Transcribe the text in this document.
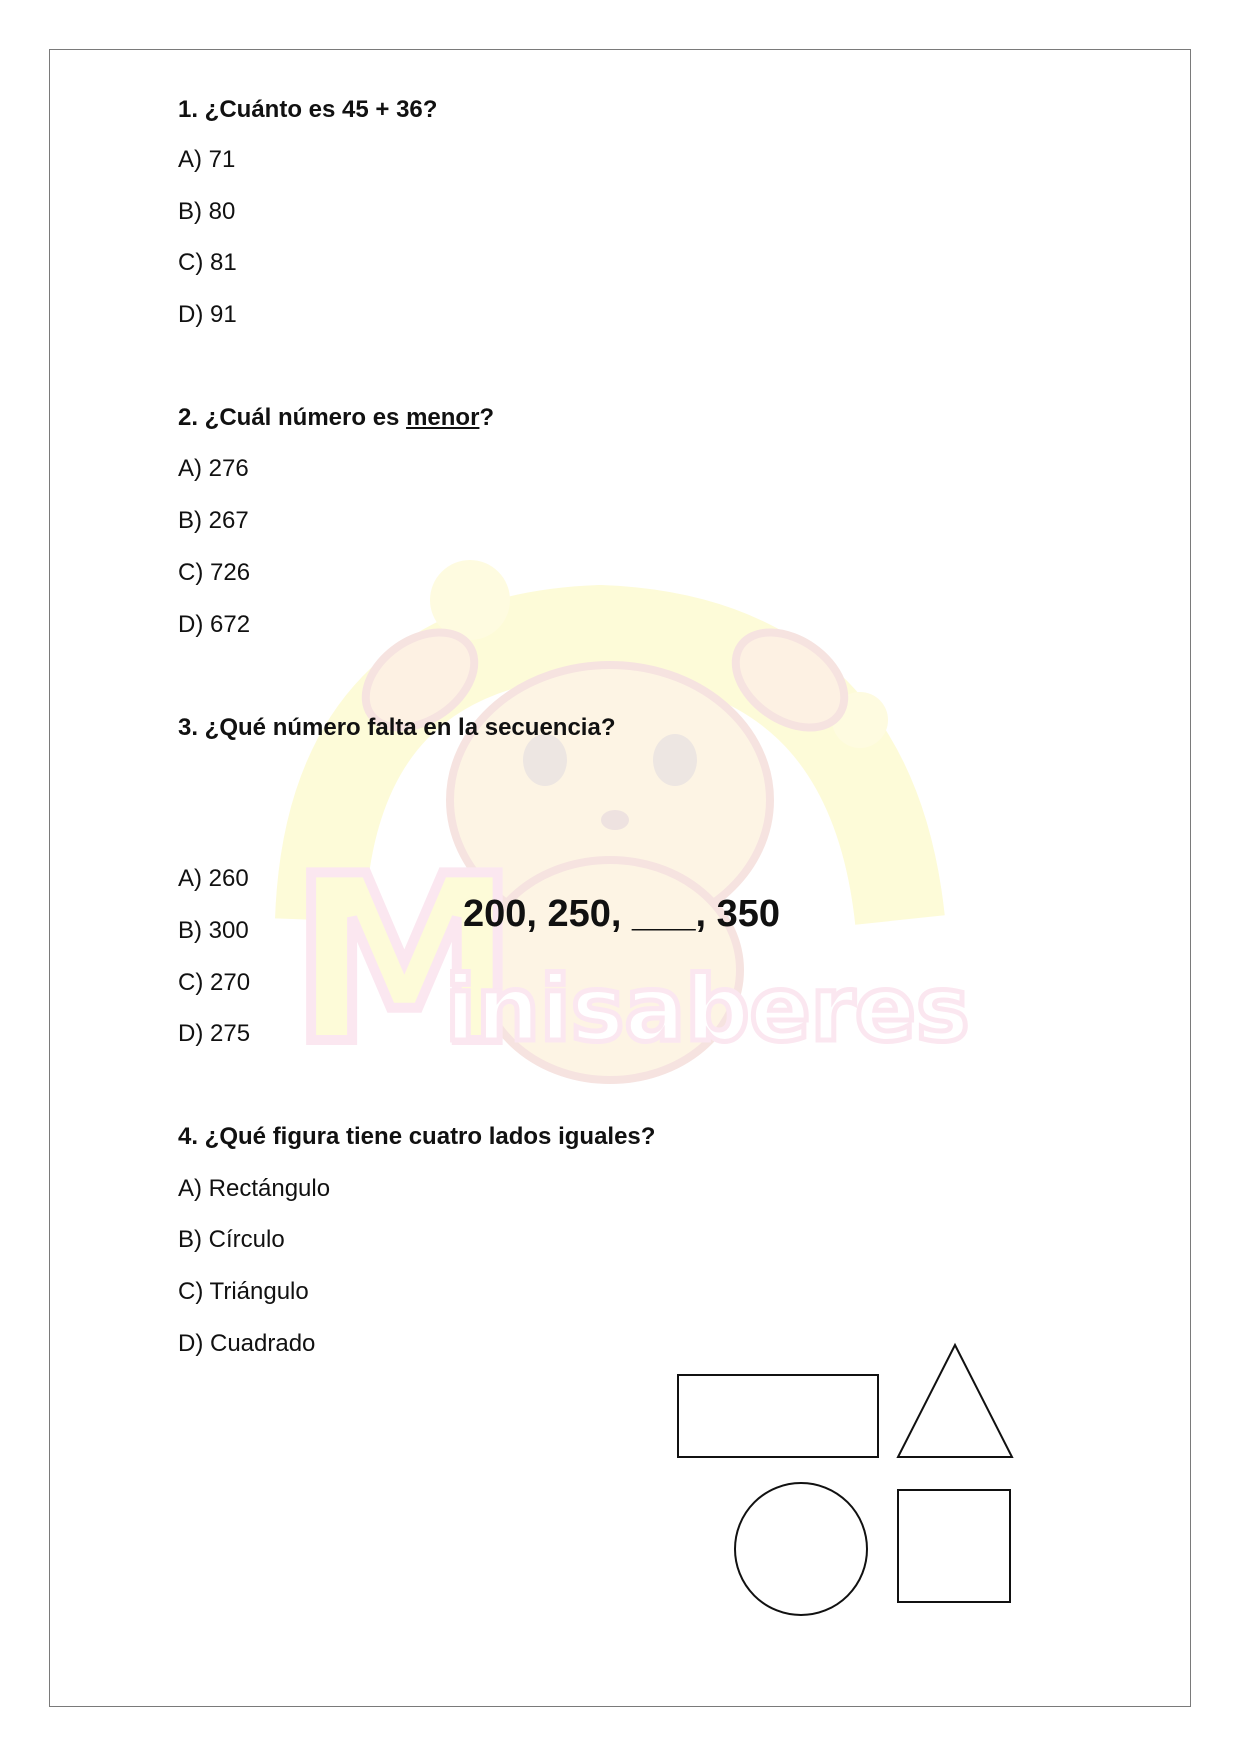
M
inisaberes

1. ¿Cuánto es 45 + 36?

A) 71
B) 80
C) 81
D) 91

2. ¿Cuál número es menor?

A) 276
B) 267
C) 726
D) 672

3. ¿Qué número falta en la secuencia?

200, 250, ___, 350
A) 260
B) 300
C) 270
D) 275

4. ¿Qué figura tiene cuatro lados iguales?

A) Rectángulo
B) Círculo
C) Triángulo
D) Cuadrado
